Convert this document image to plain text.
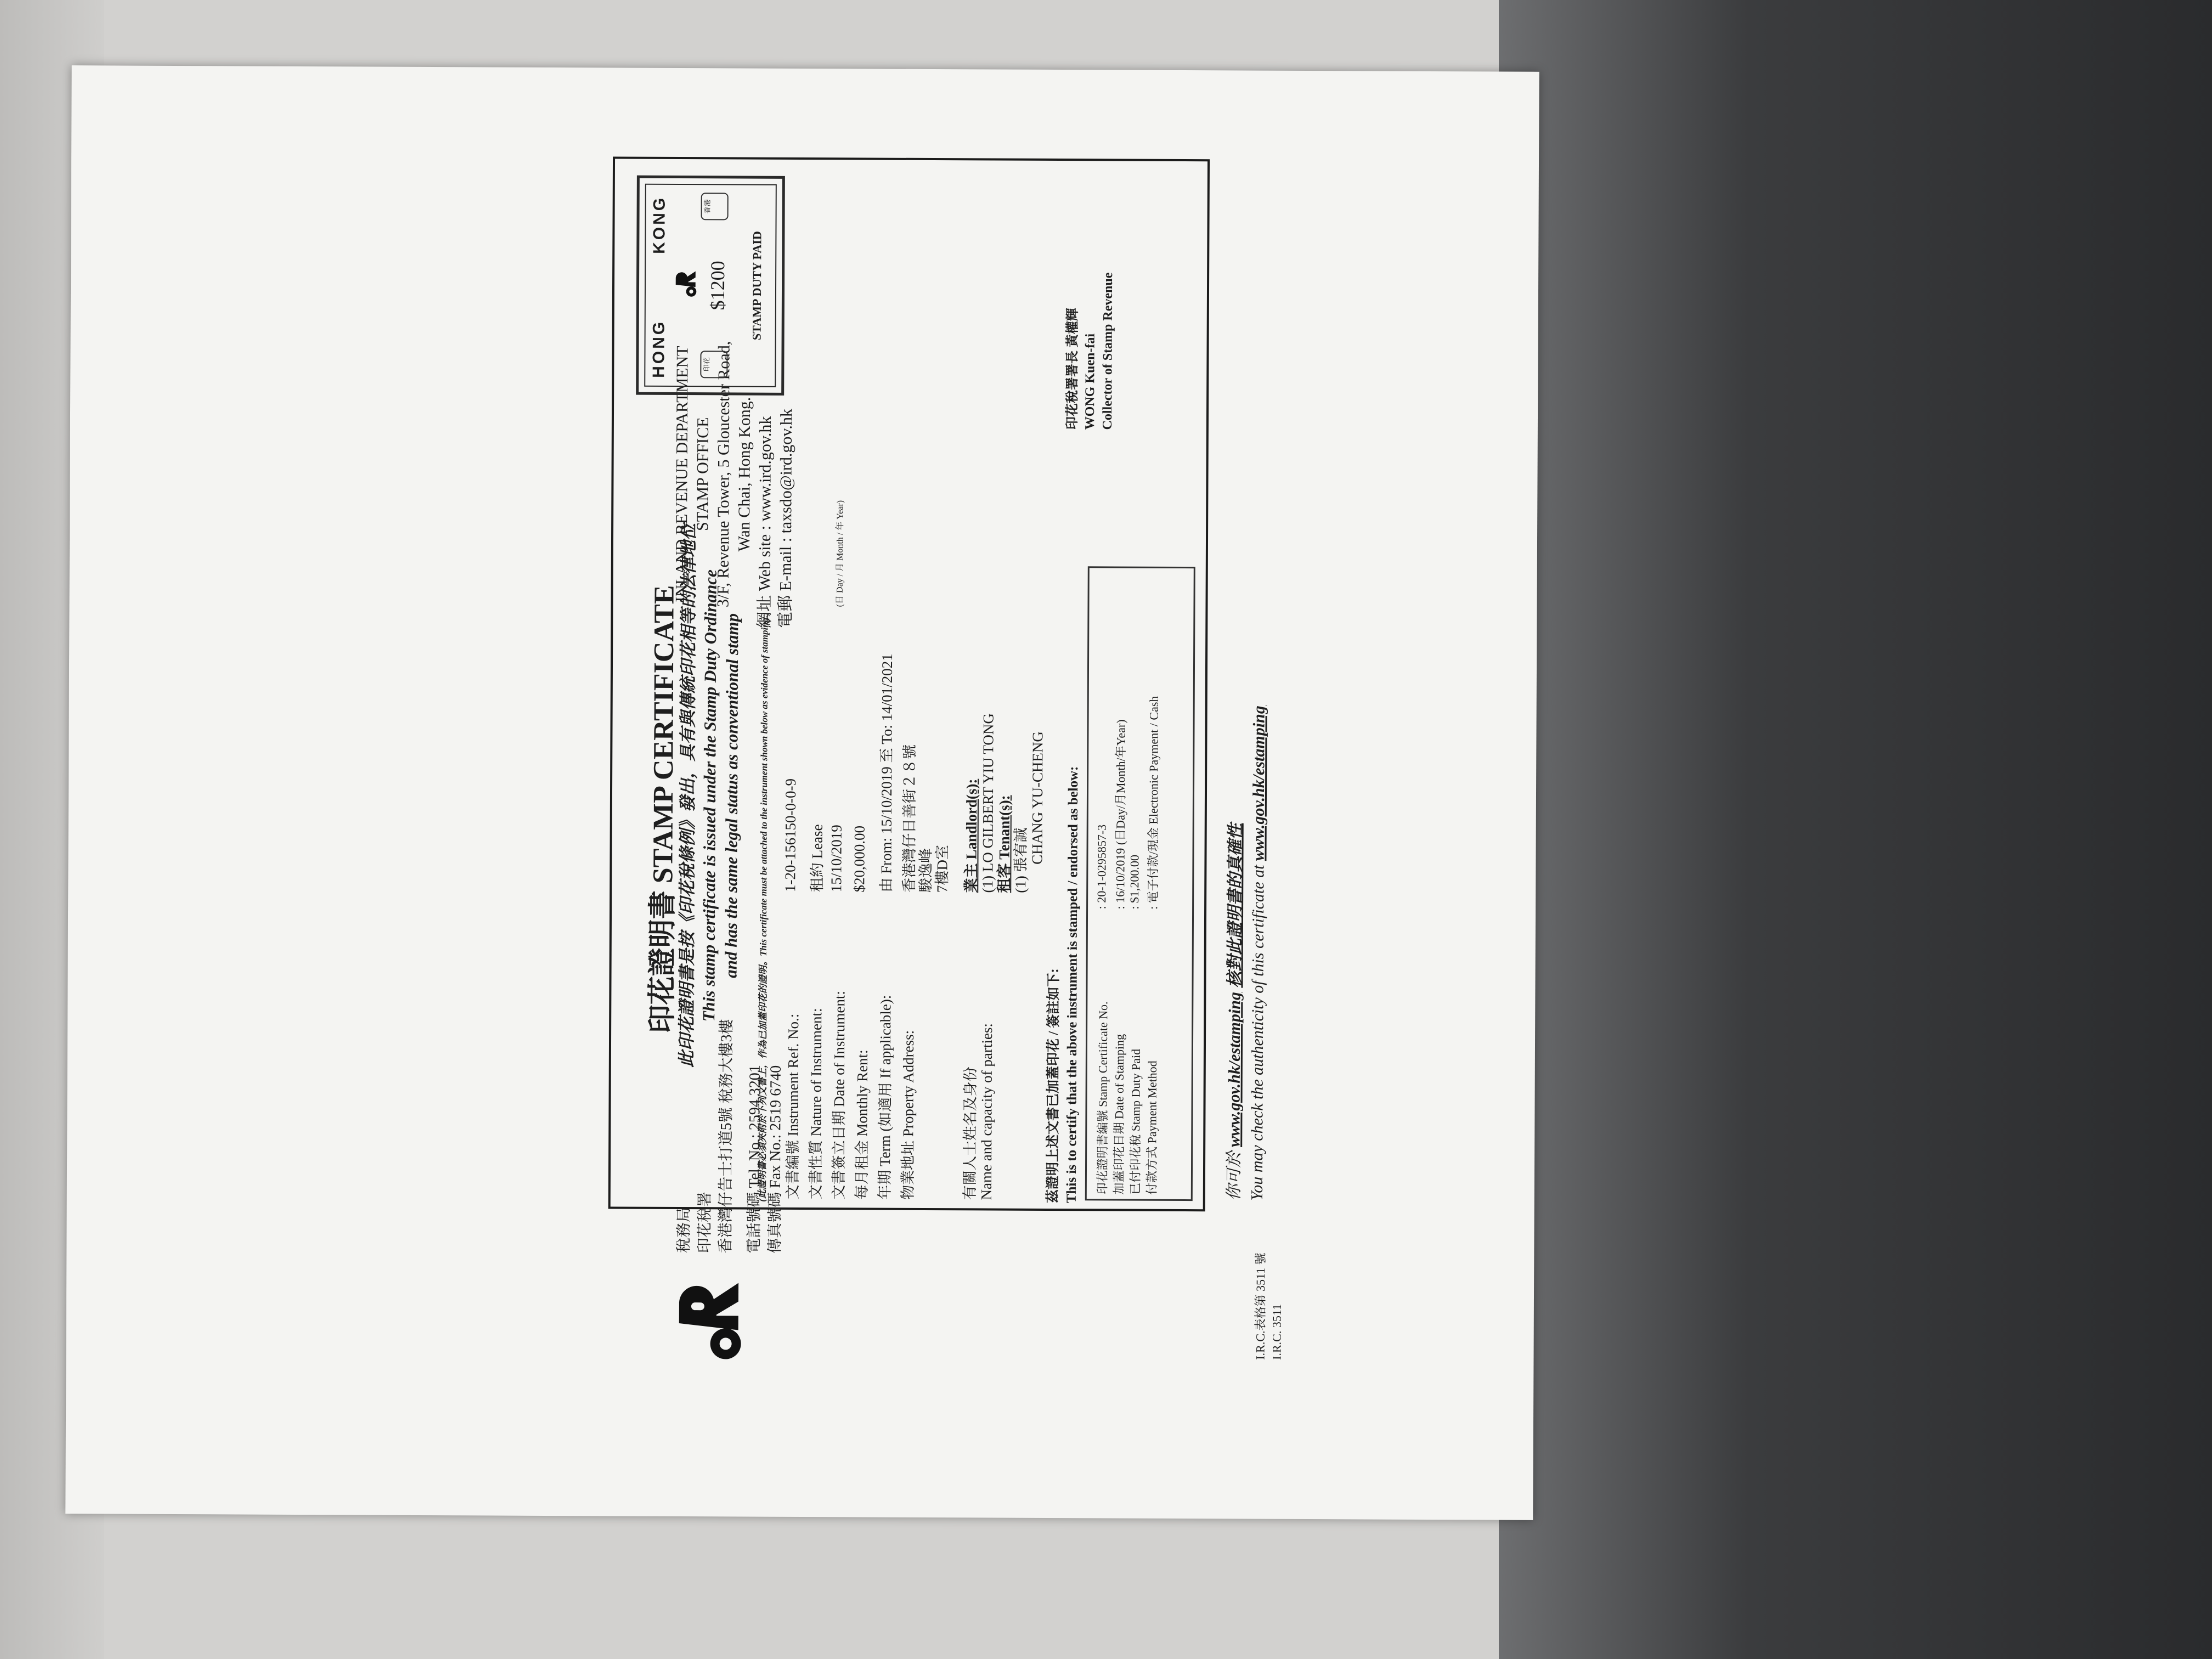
稅務局 印花稅署 香港灣仔告士打道5號 稅務大樓3樓 電話號碼 Tel. No.: 2594 3201 傳真號碼 Fax No.: 2519 6740
INLAND REVENUE DEPARTMENT STAMP OFFICE 3/F, Revenue Tower, 5 Gloucester Road, Wan Chai, Hong Kong. 網址 Web site : www.ird.gov.hk 電郵 E-mail : taxsdo@ird.gov.hk
印花證明書 STAMP CERTIFICATE
此印花證明書是按《印花稅條例》發出，具有與傳統印花相等的法律地位 This stamp certificate is issued under the Stamp Duty Ordinance and has the same legal status as conventional stamp (此證明書必須夾附於下列文書上，作為已加蓋印花的證明。This certificate must be attached to the instrument shown below as evidence of stamping.)
HONG
KONG
印花
香港
$1200 STAMP DUTY PAID
文書編號 Instrument Ref. No.:
1-20-156150-0-0-9
文書性質 Nature of Instrument:
租約 Lease
文書簽立日期 Date of Instrument:
15/10/2019
(日 Day / 月 Month / 年 Year)
每月租金 Monthly Rent:
$20,000.00
年期 Term (如適用 If applicable):
由 From: 15/10/2019 至 To: 14/01/2021
物業地址 Property Address:
香港灣仔日善街２８號
駿逸峰 7樓D室
有關人士姓名及身份
Name and capacity of parties:
業主 Landlord(s): (1) LO GILBERT YIU TONG
租客 Tenant(s): (1) 張宥誠 CHANG YU-CHENG
茲證明上述文書已加蓋印花 / 簽註如下: This is to certify that the above instrument is stamped / endorsed as below: 印花證明書編號 Stamp Certificate No.
: 20-1-0295857-3
加蓋印花日期 Date of Stamping
: 16/10/2019 (日Day/月Month/年Year)
已付印花稅 Stamp Duty Paid
: $1,200.00
付款方式 Payment Method
: 電子付款/現金 Electronic Payment / Cash
印花稅署署長 黃權輝 WONG Kuen-fai Collector of Stamp Revenue
你可於 www.gov.hk/estamping 核對此證明書的真確性 You may check the authenticity of this certificate at www.gov.hk/estamping
I.R.C.表格第 3511 號 I.R.C. 3511
